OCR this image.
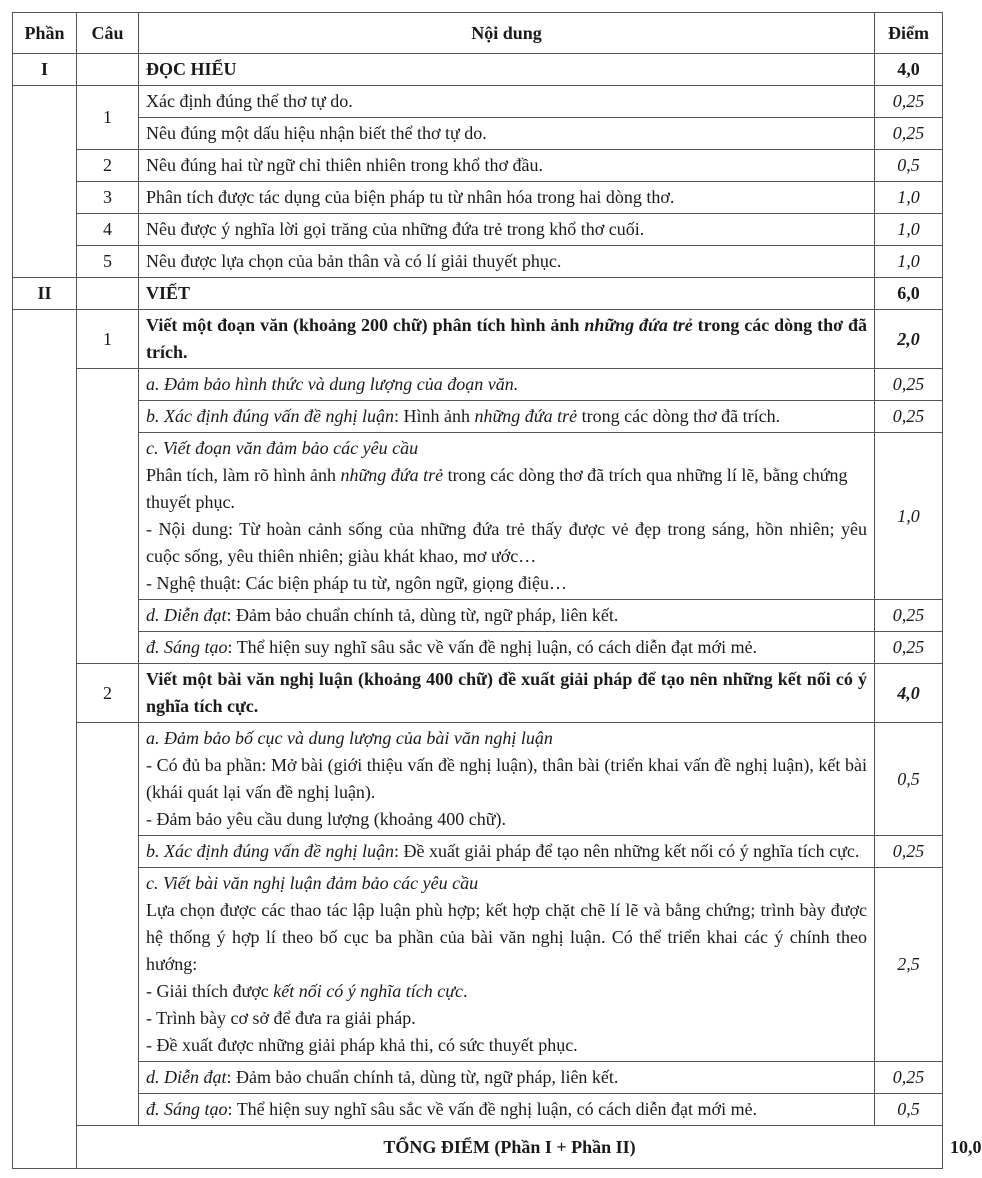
Phần	Câu	Nội dung	Điểm	
I		ĐỌC HIỂU	4,0	
	1	Xác định đúng thể thơ tự do.	0,25	
		Nêu đúng một dấu hiệu nhận biết thể thơ tự do.	0,25	
	2	Nêu đúng hai từ ngữ chỉ thiên nhiên trong khổ thơ đầu.	0,5	
	3	Phân tích được tác dụng của biện pháp tu từ nhân hóa trong hai dòng thơ.	1,0	
	4	Nêu được ý nghĩa lời gọi trăng của những đứa trẻ trong khổ thơ cuối.	1,0	
	5	Nêu được lựa chọn của bản thân và có lí giải thuyết phục.	1,0	
II		VIẾT	6,0	
	1	Viết một đoạn văn (khoảng 200 chữ) phân tích hình ảnh những đứa trẻ trong các dòng thơ đã trích.	2,0	
		a. Đảm bảo hình thức và dung lượng của đoạn văn.	0,25	
		b. Xác định đúng vấn đề nghị luận: Hình ảnh những đứa trẻ trong các dòng thơ đã trích.	0,25	

		c. Viết đoạn văn đảm bảo các yêu cầu
Phân tích, làm rõ hình ảnh những đứa trẻ trong các dòng thơ đã trích qua những lí lẽ, bằng chứng thuyết phục.
- Nội dung: Từ hoàn cảnh sống của những đứa trẻ thấy được vẻ đẹp trong sáng, hồn nhiên; yêu cuộc sống, yêu thiên nhiên; giàu khát khao, mơ ước…
- Nghệ thuật: Các biện pháp tu từ, ngôn ngữ, giọng điệu…	1,0	
		d. Diễn đạt: Đảm bảo chuẩn chính tả, dùng từ, ngữ pháp, liên kết.	0,25	
		đ. Sáng tạo: Thể hiện suy nghĩ sâu sắc về vấn đề nghị luận, có cách diễn đạt mới mẻ.	0,25	
	2	Viết một bài văn nghị luận (khoảng 400 chữ) đề xuất giải pháp để tạo nên những kết nối có ý nghĩa tích cực.	4,0	

		a. Đảm bảo bố cục và dung lượng của bài văn nghị luận
- Có đủ ba phần: Mở bài (giới thiệu vấn đề nghị luận), thân bài (triển khai vấn đề nghị luận), kết bài (khái quát lại vấn đề nghị luận).
- Đảm bảo yêu cầu dung lượng (khoảng 400 chữ).	0,5	
		b. Xác định đúng vấn đề nghị luận: Đề xuất giải pháp để tạo nên những kết nối có ý nghĩa tích cực.	0,25	

		c. Viết bài văn nghị luận đảm bảo các yêu cầu
Lựa chọn được các thao tác lập luận phù hợp; kết hợp chặt chẽ lí lẽ và bằng chứng; trình bày được hệ thống ý hợp lí theo bố cục ba phần của bài văn nghị luận. Có thể triển khai các ý chính theo hướng:
- Giải thích được kết nối có ý nghĩa tích cực.
- Trình bày cơ sở để đưa ra giải pháp.
- Đề xuất được những giải pháp khả thi, có sức thuyết phục.	2,5	
		d. Diễn đạt: Đảm bảo chuẩn chính tả, dùng từ, ngữ pháp, liên kết.	0,25	
		đ. Sáng tạo: Thể hiện suy nghĩ sâu sắc về vấn đề nghị luận, có cách diễn đạt mới mẻ.	0,5	
	TỔNG ĐIỂM (Phần I + Phần II)			10,0
